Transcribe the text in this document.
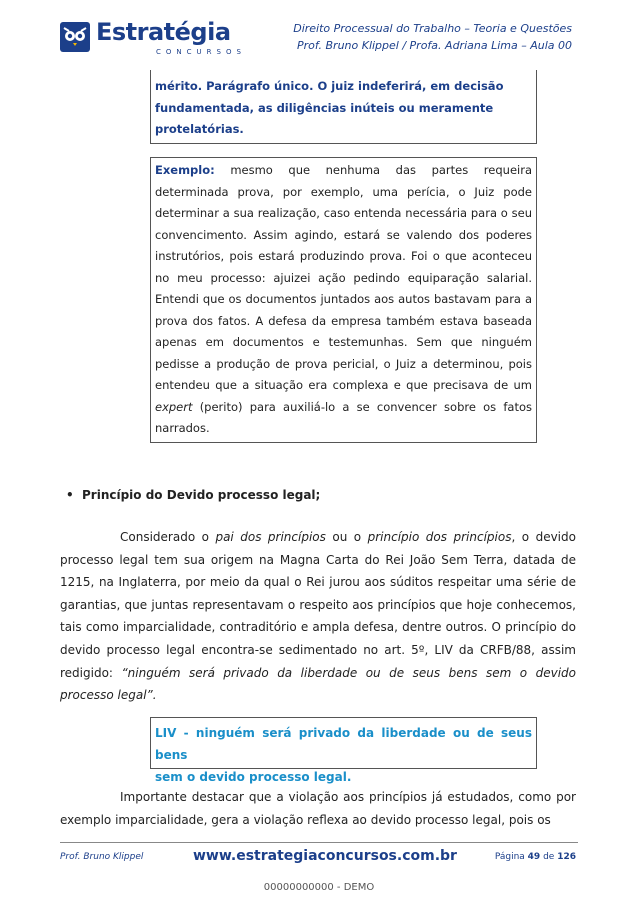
Estratégia
CONCURSOS
Direito Processual do Trabalho – Teoria e Questões
Prof. Bruno Klippel / Profa. Adriana Lima – Aula 00
mérito. Parágrafo único. O juiz indeferirá, em decisão
fundamentada, as diligências inúteis ou meramente
protelatórias.
Exemplo: mesmo que nenhuma das partes requeira determinada prova, por exemplo, uma perícia, o Juiz pode determinar a sua realização, caso entenda necessária para o seu convencimento. Assim agindo, estará se valendo dos poderes instrutórios, pois estará produzindo prova. Foi o que aconteceu no meu processo: ajuizei ação pedindo equiparação salarial. Entendi que os documentos juntados aos autos bastavam para a prova dos fatos. A defesa da empresa também estava baseada apenas em documentos e testemunhas. Sem que ninguém pedisse a produção de prova pericial, o Juiz a determinou, pois entendeu que a situação era complexa e que precisava de um expert (perito) para auxiliá-lo a se convencer sobre os fatos narrados.
• Princípio do Devido processo legal;
Considerado o pai dos princípios ou o princípio dos princípios, o devido processo legal tem sua origem na Magna Carta do Rei João Sem Terra, datada de 1215, na Inglaterra, por meio da qual o Rei jurou aos súditos respeitar uma série de garantias, que juntas representavam o respeito aos princípios que hoje conhecemos, tais como imparcialidade, contraditório e ampla defesa, dentre outros. O princípio do devido processo legal encontra-se sedimentado no art. 5º, LIV da CRFB/88, assim redigido: “ninguém será privado da liberdade ou de seus bens sem o devido processo legal”.
LIV - ninguém será privado da liberdade ou de seus bens
sem o devido processo legal.
Importante destacar que a violação aos princípios já estudados, como por exemplo imparcialidade, gera a violação reflexa ao devido processo legal, pois os
Prof. Bruno Klippel	www.estrategiaconcursos.com.br	Página 49 de 126
00000000000 - DEMO
